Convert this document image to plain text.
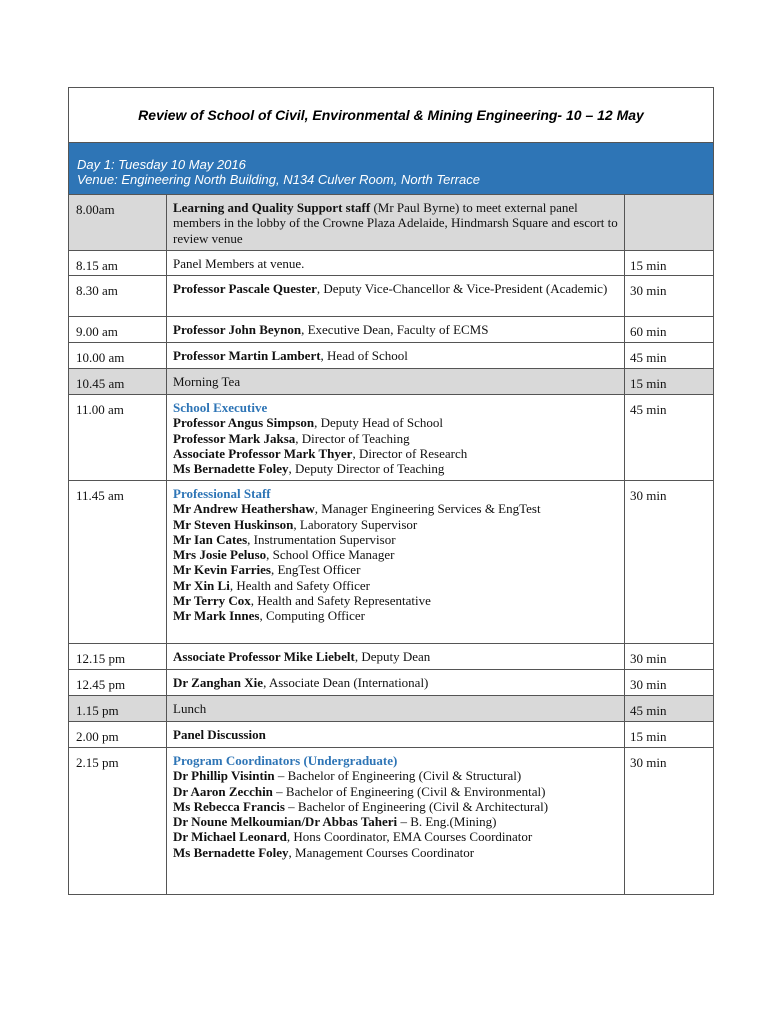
Review of School of Civil, Environmental & Mining Engineering- 10 – 12 May
Day 1: Tuesday 10 May 2016
Venue: Engineering North Building, N134 Culver Room, North Terrace
8.00am	Learning and Quality Support staff (Mr Paul Byrne) to meet external panel members in the lobby of the Crowne Plaza Adelaide, Hindmarsh Square and escort to review venue
8.15 am	Panel Members at venue.	15 min
8.30 am	Professor Pascale Quester, Deputy Vice-Chancellor & Vice-President (Academic)	30 min
9.00 am	Professor John Beynon, Executive Dean, Faculty of ECMS	60 min
10.00 am	Professor Martin Lambert, Head of School	45 min
10.45 am	Morning Tea	15 min
11.00 am	School Executive
Professor Angus Simpson, Deputy Head of School
Professor Mark Jaksa, Director of Teaching
Associate Professor Mark Thyer, Director of Research
Ms Bernadette Foley, Deputy Director of Teaching
45 min
11.45 am	Professional Staff
Mr Andrew Heathershaw, Manager Engineering Services & EngTest
Mr Steven Huskinson, Laboratory Supervisor
Mr Ian Cates, Instrumentation Supervisor
Mrs Josie Peluso, School Office Manager
Mr Kevin Farries, EngTest Officer
Mr Xin Li, Health and Safety Officer
Mr Terry Cox, Health and Safety Representative
Mr Mark Innes, Computing Officer
30 min
12.15 pm	Associate Professor Mike Liebelt, Deputy Dean	30 min
12.45 pm	Dr Zanghan Xie, Associate Dean (International)	30 min
1.15 pm	Lunch	45 min
2.00 pm	Panel Discussion	15 min
2.15 pm	Program Coordinators (Undergraduate)
Dr Phillip Visintin – Bachelor of Engineering (Civil & Structural)
Dr Aaron Zecchin – Bachelor of Engineering (Civil & Environmental)
Ms Rebecca Francis – Bachelor of Engineering (Civil & Architectural)
Dr Noune Melkoumian/Dr Abbas Taheri – B. Eng.(Mining)
Dr Michael Leonard, Hons Coordinator, EMA Courses Coordinator
Ms Bernadette Foley, Management Courses Coordinator
30 min
